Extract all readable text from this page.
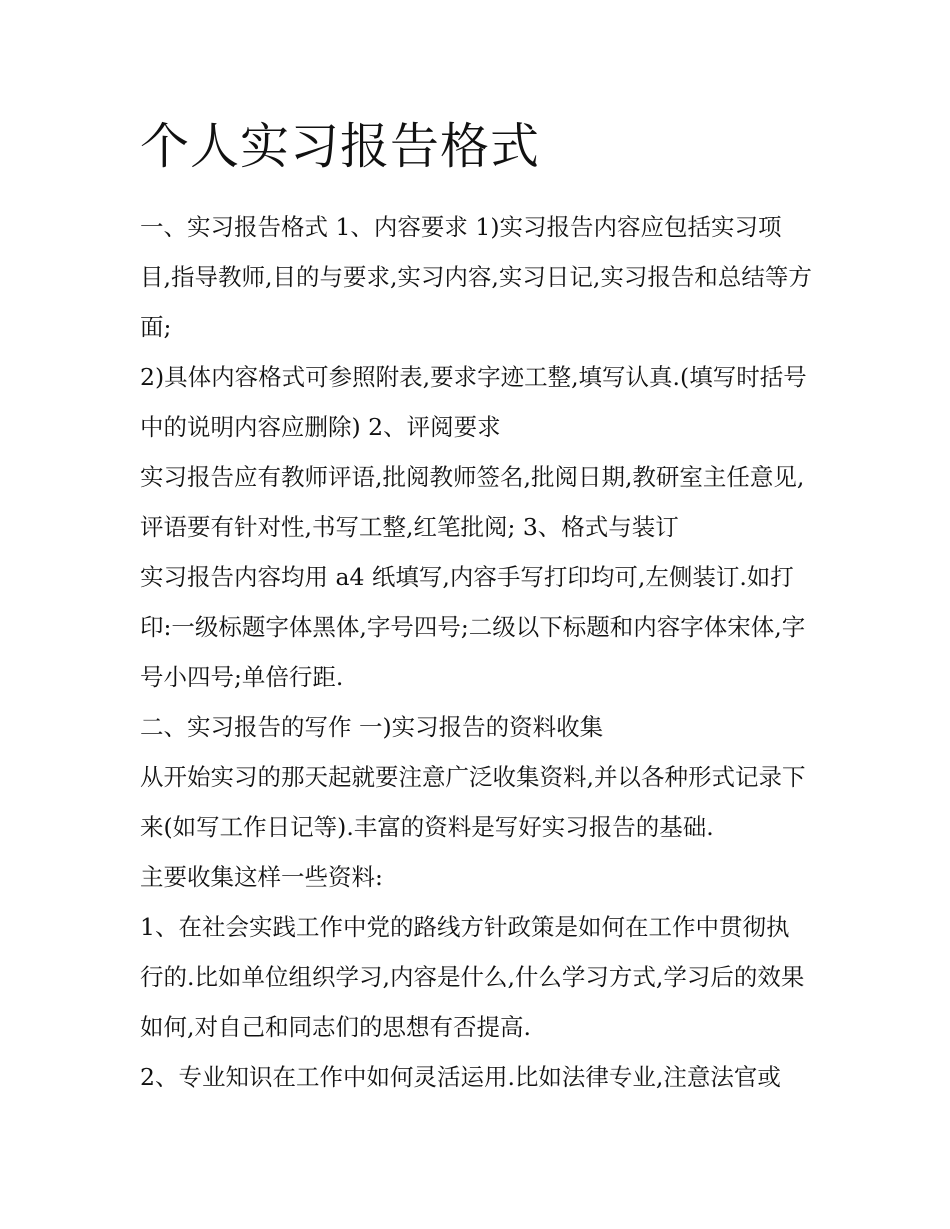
个人实习报告格式

一、实习报告格式 1、内容要求 1)实习报告内容应包括实习项目,指导教师,目的与要求,实习内容,实习日记,实习报告和总结等方面;

2)具体内容格式可参照附表,要求字迹工整,填写认真.(填写时括号中的说明内容应删除) 2、评阅要求

实习报告应有教师评语,批阅教师签名,批阅日期,教研室主任意见,评语要有针对性,书写工整,红笔批阅; 3、格式与装订

实习报告内容均用 a4 纸填写,内容手写打印均可,左侧装订.如打印:一级标题字体黑体,字号四号;二级以下标题和内容字体宋体,字号小四号;单倍行距.

二、实习报告的写作 一)实习报告的资料收集

从开始实习的那天起就要注意广泛收集资料,并以各种形式记录下来(如写工作日记等).丰富的资料是写好实习报告的基础.

主要收集这样一些资料:

1、在社会实践工作中党的路线方针政策是如何在工作中贯彻执行的.比如单位组织学习,内容是什么,什么学习方式,学习后的效果如何,对自己和同志们的思想有否提高.

2、专业知识在工作中如何灵活运用.比如法律专业,注意法官或
